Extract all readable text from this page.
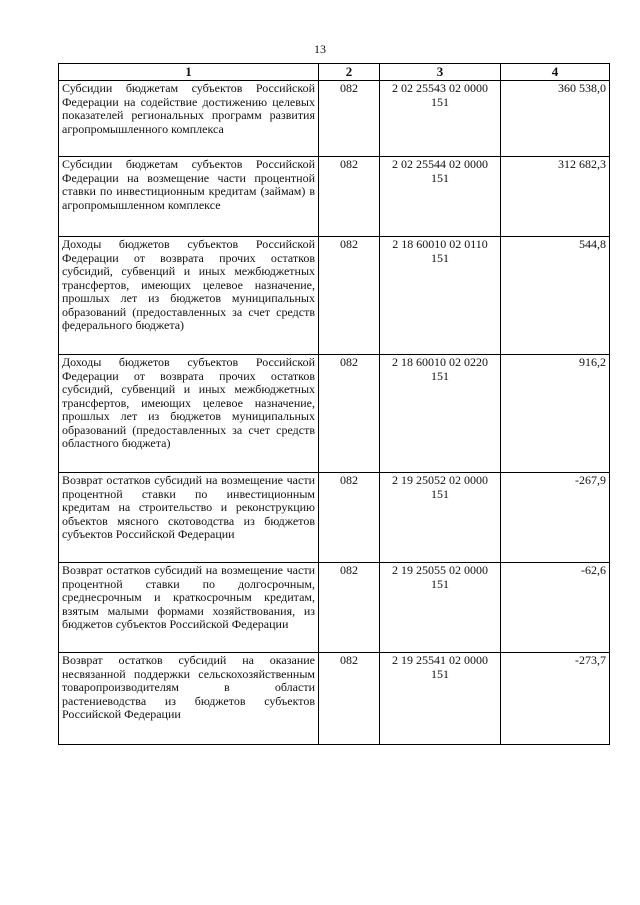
13
1	2	3	4
Субсидии бюджетам субъектов Российской Федерации на содействие достижению целевых показателей региональных программ развития агропромышленного комплекса	082	2 02 25543 02 0000 151	360 538,0
Субсидии бюджетам субъектов Российской Федерации на возмещение части процентной ставки по инвестиционным кредитам (займам) в агропромышленном комплексе	082	2 02 25544 02 0000 151	312 682,3
Доходы бюджетов субъектов Российской Федерации от возврата прочих остатков субсидий, субвенций и иных межбюджетных трансфертов, имеющих целевое назначение, прошлых лет из бюджетов муниципальных образований (предоставленных за счет средств федерального бюджета)	082	2 18 60010 02 0110 151	544,8
Доходы бюджетов субъектов Российской Федерации от возврата прочих остатков субсидий, субвенций и иных межбюджетных трансфертов, имеющих целевое назначение, прошлых лет из бюджетов муниципальных образований (предоставленных за счет средств областного бюджета)	082	2 18 60010 02 0220 151	916,2
Возврат остатков субсидий на возмещение части процентной ставки по инвестиционным кредитам на строительство и реконструкцию объектов мясного скотоводства из бюджетов субъектов Российской Федерации	082	2 19 25052 02 0000 151	-267,9
Возврат остатков субсидий на возмещение части процентной ставки по долгосрочным, среднесрочным и краткосрочным кредитам, взятым малыми формами хозяйствования, из бюджетов субъектов Российской Федерации	082	2 19 25055 02 0000 151	-62,6
Возврат остатков субсидий на оказание несвязанной поддержки сельскохозяйственным товаропроизводителям в области растениеводства из бюджетов субъектов Российской Федерации	082	2 19 25541 02 0000 151	-273,7
